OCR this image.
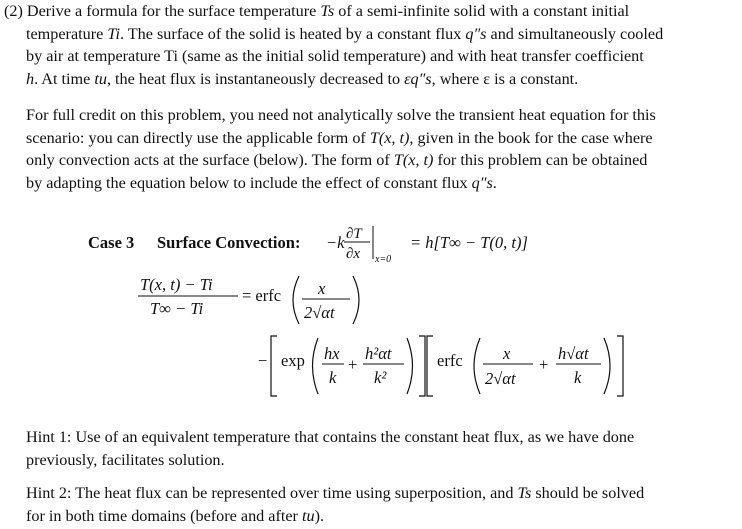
(2) Derive a formula for the surface temperature Ts of a semi-infinite solid with a constant initial

temperature Ti. The surface of the solid is heated by a constant flux q″s and simultaneously cooled

by air at temperature Ti (same as the initial solid temperature) and with heat transfer coefficient

h. At time tu, the heat flux is instantaneously decreased to εq″s, where ε is a constant.

For full credit on this problem, you need not analytically solve the transient heat equation for this

scenario: you can directly use the applicable form of T(x, t), given in the book for the case where

only convection acts at the surface (below). The form of T(x, t) for this problem can be obtained

by adapting the equation below to include the effect of constant flux q″s.

Case 3 Surface Convection: −k ∂T
∂x x=0
= h[T∞ − T(0, t)]
T(x, t) − Ti
T∞ − Ti
= erfc x
2√αt
− exp hx
k
+
h²αt
k²
erfc x
2√αt
+
h√αt
k

Hint 1: Use of an equivalent temperature that contains the constant heat flux, as we have done

previously, facilitates solution.

Hint 2: The heat flux can be represented over time using superposition, and Ts should be solved

for in both time domains (before and after tu).
